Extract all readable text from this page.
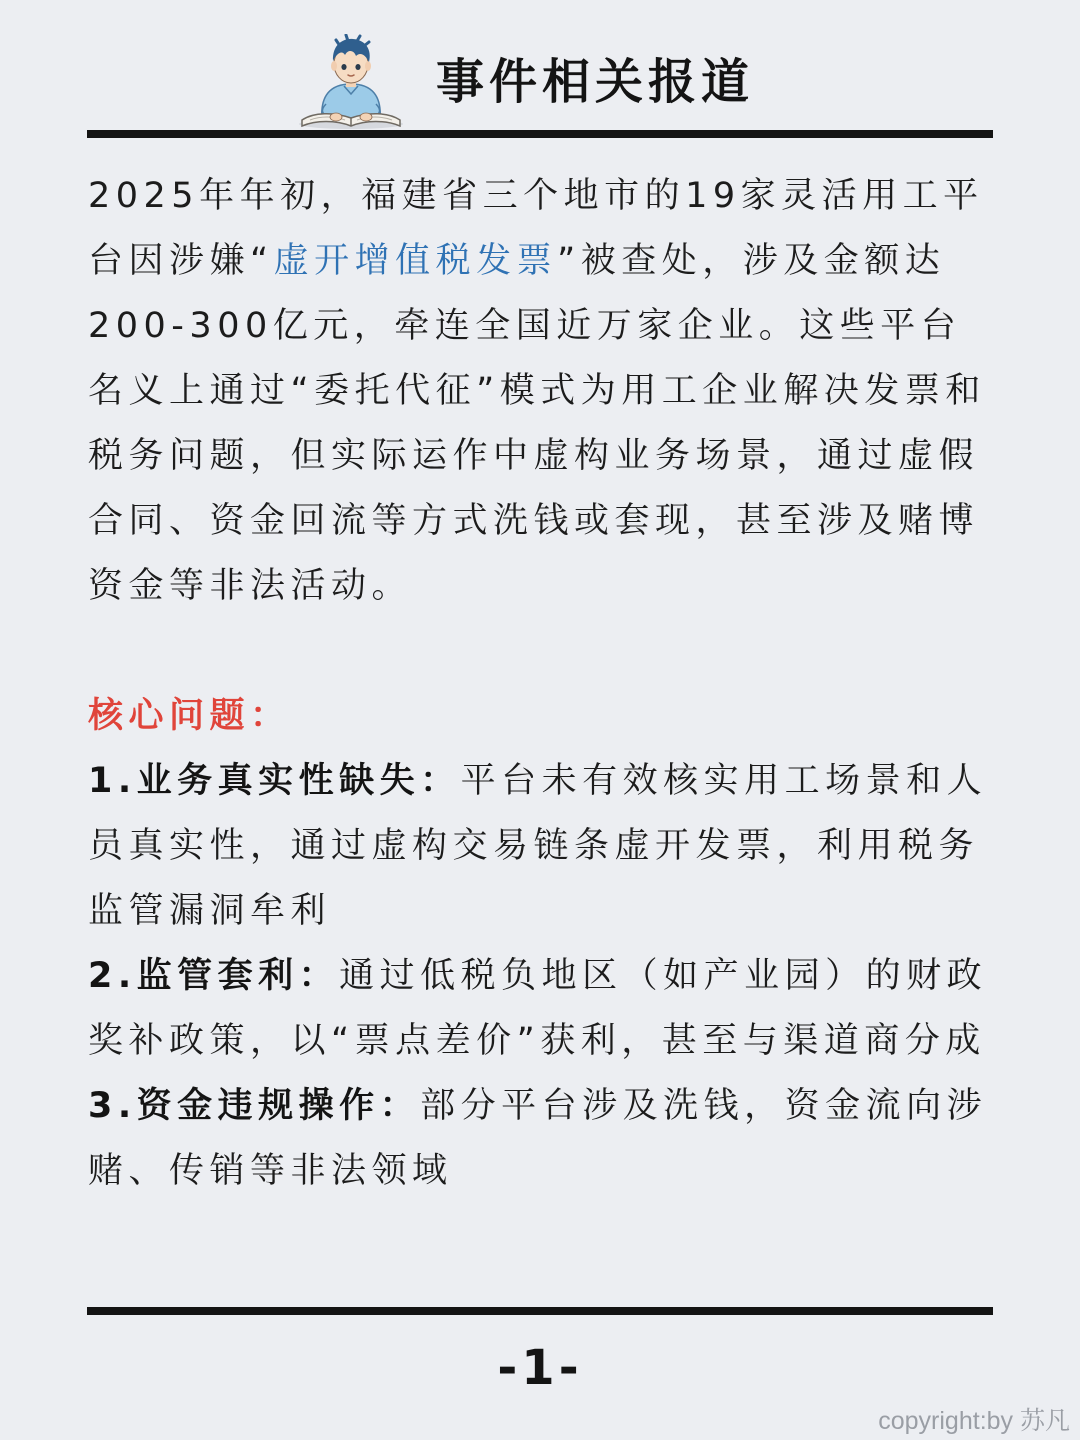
事件相关报道

2025年年初，福建省三个地市的19家灵活用工平台因涉嫌“虚开增值税发票”被查处，涉及金额达200-300亿元，牵连全国近万家企业。这些平台名义上通过“委托代征”模式为用工企业解决发票和税务问题，但实际运作中虚构业务场景，通过虚假合同、资金回流等方式洗钱或套现，甚至涉及赌博资金等非法活动。

核心问题：

1.业务真实性缺失：平台未有效核实用工场景和人员真实性，通过虚构交易链条虚开发票，利用税务监管漏洞牟利

2.监管套利：通过低税负地区（如产业园）的财政奖补政策，以“票点差价”获利，甚至与渠道商分成

3.资金违规操作：部分平台涉及洗钱，资金流向涉赌、传销等非法领域

-1-
copyright:by 苏凡
